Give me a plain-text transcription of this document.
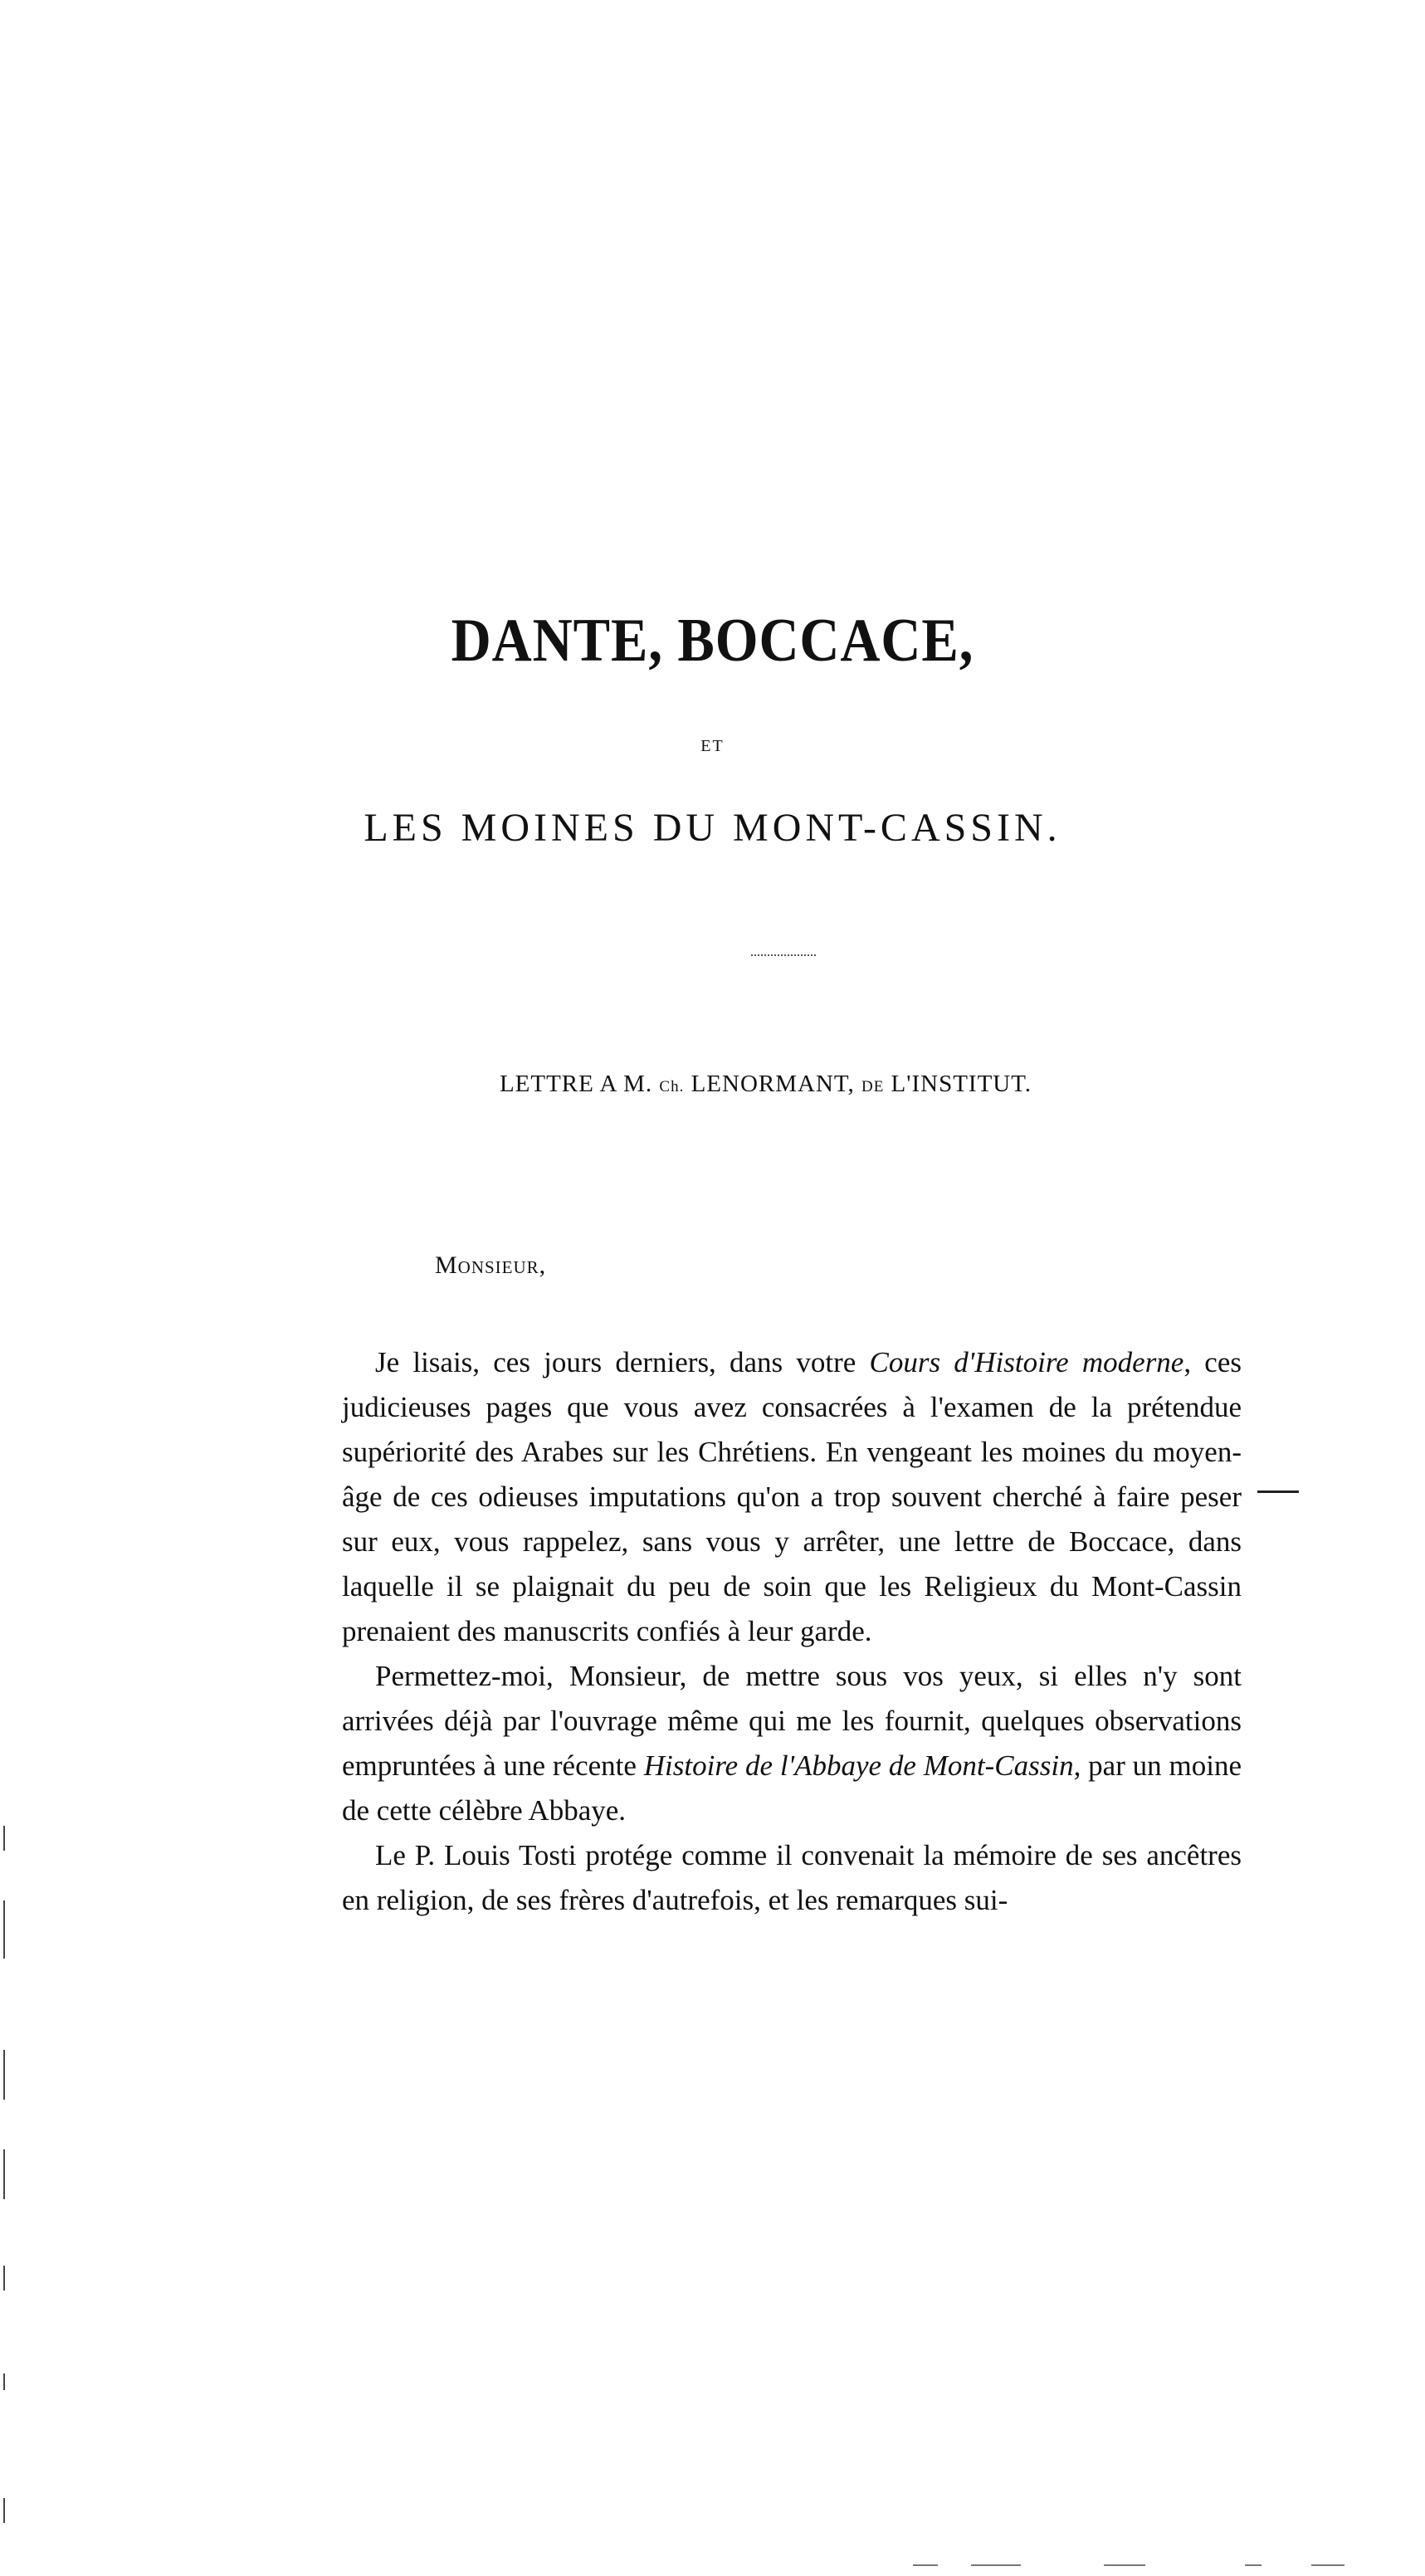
DANTE, BOCCACE,
ET
LES MOINES DU MONT-CASSIN.
LETTRE A M. Ch. LENORMANT, DE L'INSTITUT.
Monsieur,

Je lisais, ces jours derniers, dans votre Cours d'Histoire moderne, ces judicieuses pages que vous avez consacrées à l'examen de la prétendue supériorité des Arabes sur les Chrétiens. En vengeant les moines du moyen-âge de ces odieuses imputations qu'on a trop souvent cherché à faire peser sur eux, vous rappelez, sans vous y arrêter, une lettre de Boccace, dans laquelle il se plaignait du peu de soin que les Religieux du Mont-Cassin prenaient des manuscrits confiés à leur garde.

Permettez-moi, Monsieur, de mettre sous vos yeux, si elles n'y sont arrivées déjà par l'ouvrage même qui me les fournit, quelques observations empruntées à une récente Histoire de l'Abbaye de Mont-Cassin, par un moine de cette célèbre Abbaye.

Le P. Louis Tosti protége comme il convenait la mémoire de ses ancêtres en religion, de ses frères d'autrefois, et les remarques sui-
